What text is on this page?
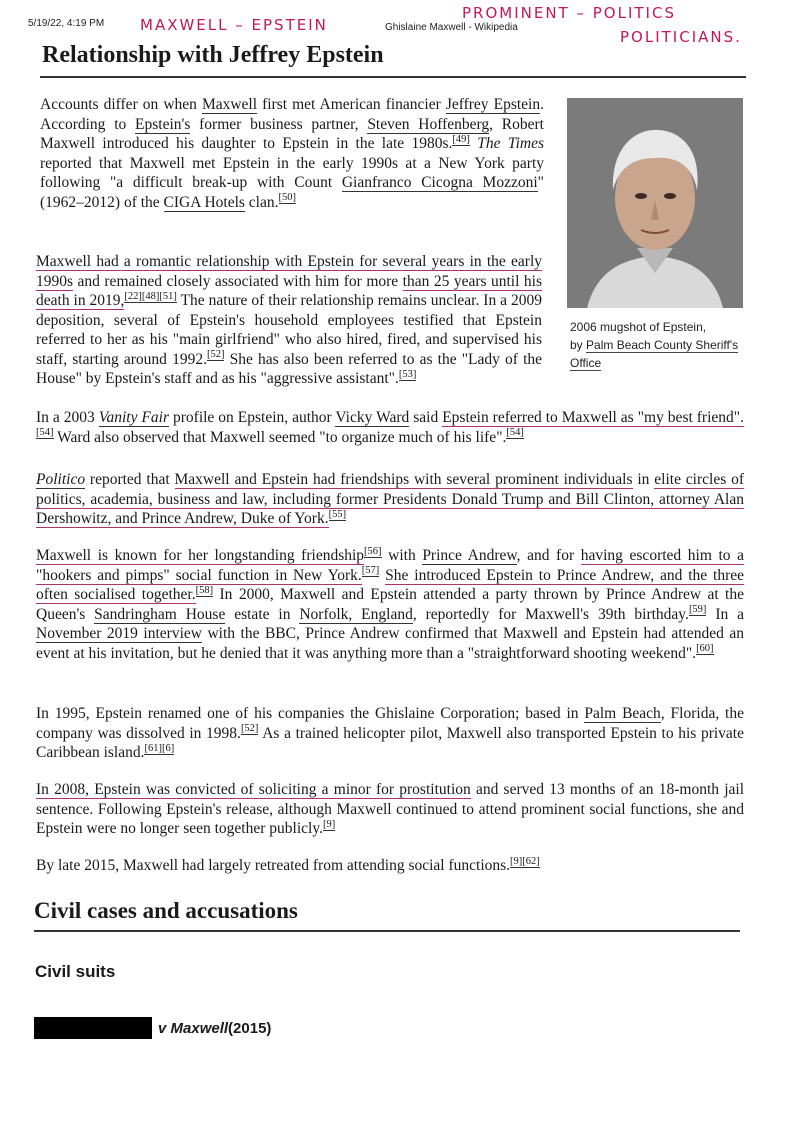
5/19/22, 4:19 PM	Ghislaine Maxwell - Wikipedia
MAXWELL – EPSTEIN
PROMINENT – POLITICS
POLITICIANS.
Relationship with Jeffrey Epstein
2006 mugshot of Epstein,
by Palm Beach County Sheriff's Office

Accounts differ on when Maxwell first met American financier Jeffrey Epstein. According to Epstein's former business partner, Steven Hoffenberg, Robert Maxwell introduced his daughter to Epstein in the late 1980s.[49] The Times reported that Maxwell met Epstein in the early 1990s at a New York party following "a difficult break-up with Count Gianfranco Cicogna Mozzoni" (1962–2012) of the CIGA Hotels clan.[50]

Maxwell had a romantic relationship with Epstein for several years in the early 1990s and remained closely associated with him for more than 25 years until his death in 2019,[22][48][51] The nature of their relationship remains unclear. In a 2009 deposition, several of Epstein's household employees testified that Epstein referred to her as his "main girlfriend" who also hired, fired, and supervised his staff, starting around 1992.[52] She has also been referred to as the "Lady of the House" by Epstein's staff and as his "aggressive assistant".[53]

In a 2003 Vanity Fair profile on Epstein, author Vicky Ward said Epstein referred to Maxwell as "my best friend".[54] Ward also observed that Maxwell seemed "to organize much of his life".[54]

Politico reported that Maxwell and Epstein had friendships with several prominent individuals in elite circles of politics, academia, business and law, including former Presidents Donald Trump and Bill Clinton, attorney Alan Dershowitz, and Prince Andrew, Duke of York.[55]

Maxwell is known for her longstanding friendship[56] with Prince Andrew, and for having escorted him to a "hookers and pimps" social function in New York.[57] She introduced Epstein to Prince Andrew, and the three often socialised together.[58] In 2000, Maxwell and Epstein attended a party thrown by Prince Andrew at the Queen's Sandringham House estate in Norfolk, England, reportedly for Maxwell's 39th birthday.[59] In a November 2019 interview with the BBC, Prince Andrew confirmed that Maxwell and Epstein had attended an event at his invitation, but he denied that it was anything more than a "straightforward shooting weekend".[60]

In 1995, Epstein renamed one of his companies the Ghislaine Corporation; based in Palm Beach, Florida, the company was dissolved in 1998.[52] As a trained helicopter pilot, Maxwell also transported Epstein to his private Caribbean island.[61][6]

In 2008, Epstein was convicted of soliciting a minor for prostitution and served 13 months of an 18-month jail sentence. Following Epstein's release, although Maxwell continued to attend prominent social functions, she and Epstein were no longer seen together publicly.[9]

By late 2015, Maxwell had largely retreated from attending social functions.[9][62]

Civil cases and accusations
Civil suits
v Maxwell (2015)
